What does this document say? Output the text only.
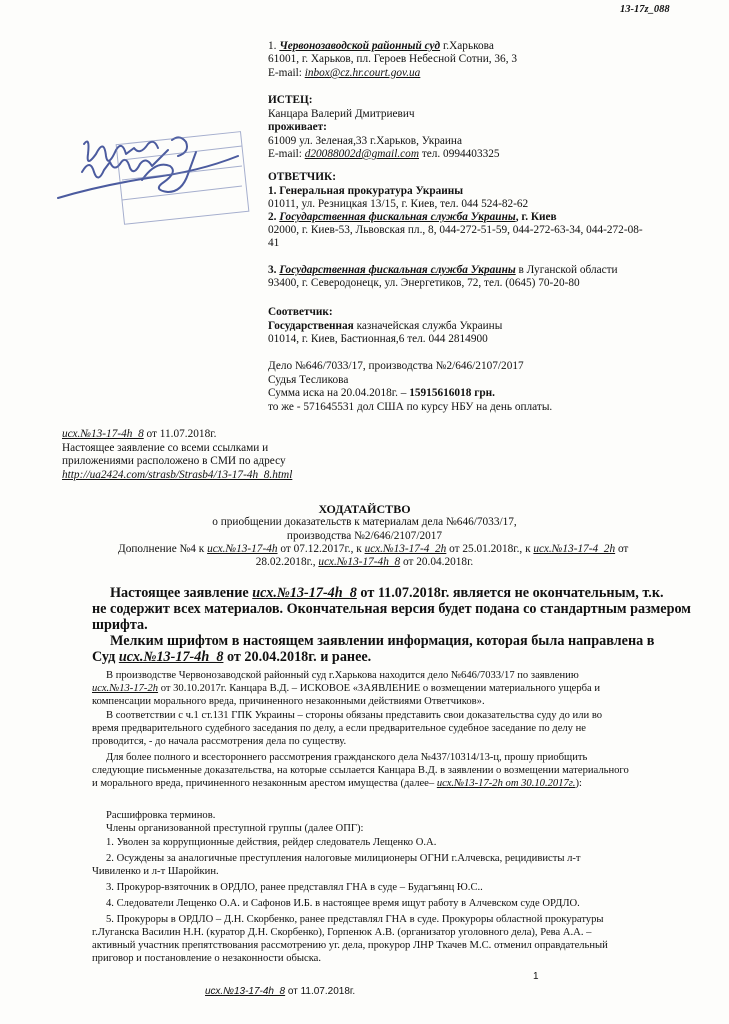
13-17z_088
1. Червонозаводской районный суд г.Харькова
61001, г. Харьков, пл. Героев Небесной Сотни, 36, 3
E-mail: inbox@cz.hr.court.gov.ua
ИСТЕЦ:
Канцара Валерий Дмитриевич
проживает:
61009 ул. Зеленая,33 г.Харьков, Украина
E-mail: d20088002d@gmail.com тел. 0994403325
ОТВЕТЧИК:
1. Генеральная прокуратура Украины
01011, ул. Резницкая 13/15, г. Киев, тел. 044 524-82-62
2. Государственная фискальная служба Украины, г. Киев
02000, г. Киев-53, Львовская пл., 8, 044-272-51-59, 044-272-63-34, 044-272-08-
41
3. Государственная фискальная служба Украины в Луганской области
93400, г. Северодонецк, ул. Энергетиков, 72, тел. (0645) 70-20-80
Соответчик:
Государственная казначейская служба Украины
01014, г. Киев, Бастионная,6 тел. 044 2814900
Дело №646/7033/17, производства №2/646/2107/2017
Судья Тесликова
Сумма иска на 20.04.2018г. – 15915616018 грн.
то же - 571645531 дол США по курсу НБУ на день оплаты.
исх.№13-17-4h_8 от 11.07.2018г.
Настоящее заявление со всеми ссылками и
приложениями расположено в СМИ по адресу
http://ua2424.com/strasb/Strasb4/13-17-4h_8.html
ХОДАТАЙСТВО
о приобщении доказательств к материалам дела №646/7033/17,
производства №2/646/2107/2017
Дополнение №4 к исх.№13-17-4h от 07.12.2017г., к исх.№13-17-4_2h от 25.01.2018г., к исх.№13-17-4_2h от
28.02.2018г., исх.№13-17-4h_8 от 20.04.2018г.
Настоящее заявление исх.№13-17-4h_8 от 11.07.2018г. является не окончательным, т.к.
не содержит всех материалов. Окончательная версия будет подана со стандартным размером
шрифта.
Мелким шрифтом в настоящем заявлении информация, которая была направлена в
Суд исх.№13-17-4h_8 от 20.04.2018г. и ранее.
В производстве Червонозаводской районный суд г.Харькова находится дело №646/7033/17 по заявлению
исх.№13-17-2h от 30.10.2017г. Канцара В.Д. – ИСКОВОЕ «ЗАЯВЛЕНИЕ о возмещении материального ущерба и
компенсации морального вреда, причиненного незаконными действиями Ответчиков».
В соответствии с ч.1 ст.131 ГПК Украины – стороны обязаны представить свои доказательства суду до или во
время предварительного судебного заседания по делу, а если предварительное судебное заседание по делу не
проводится, - до начала рассмотрения дела по существу.
Для более полного и всестороннего рассмотрения гражданского дела №437/10314/13-ц, прошу приобщить
следующие письменные доказательства, на которые ссылается Канцара В.Д. в заявлении о возмещении материального
и морального вреда, причиненного незаконным арестом имущества (далее– исх.№13-17-2h от 30.10.2017г.):
Расшифровка терминов.
Члены организованной преступной группы (далее ОПГ):
1. Уволен за коррупционные действия, рейдер следователь Лещенко О.А.
2. Осуждены за аналогичные преступления налоговые милиционеры ОГНИ г.Алчевска, рецидивисты л-т
Чивиленко и л-т Шаройкин.
3. Прокурор-взяточник в ОРДЛО, ранее представлял ГНА в суде – Будагъянц Ю.С..
4. Следователи Лещенко О.А. и Сафонов И.Б. в настоящее время ищут работу в Алчевском суде ОРДЛО.
5. Прокуроры в ОРДЛО – Д.Н. Скорбенко, ранее представлял ГНА в суде. Прокуроры областной прокуратуры
г.Луганска Василин Н.Н. (куратор Д.Н. Скорбенко), Горпенюк А.В. (организатор уголовного дела), Рева А.А. –
активный участник препятствования рассмотрению уг. дела, прокурор ЛНР Ткачев М.С. отменил оправдательный
приговор и постановление о незаконности обыска.
исх.№13-17-4h_8 от 11.07.2018г.
1
